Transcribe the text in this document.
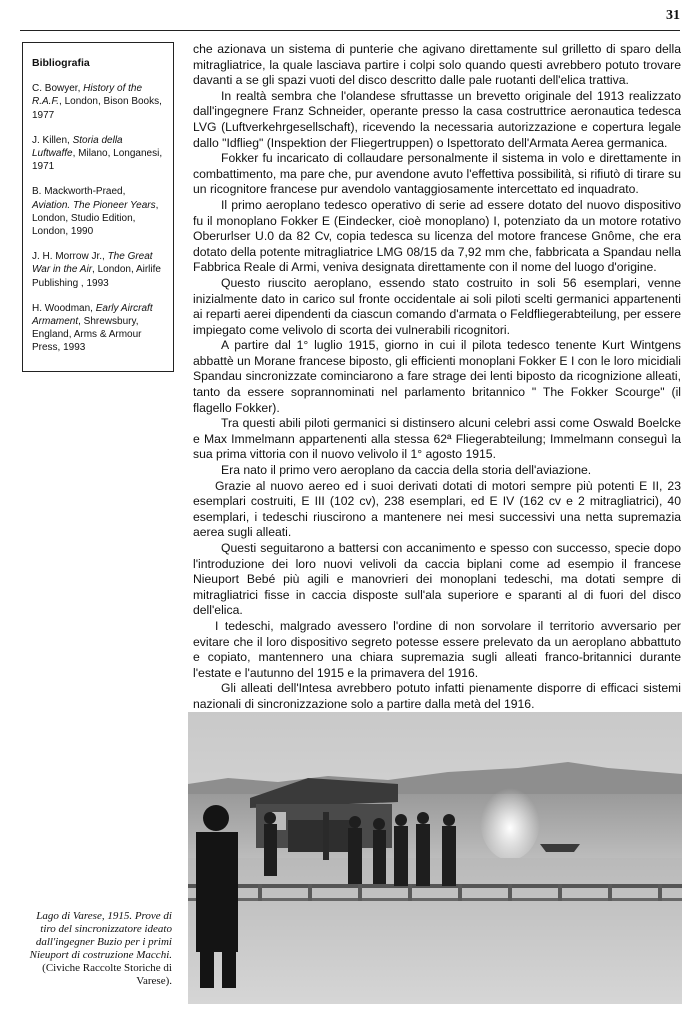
31
Bibliografia
C. Bowyer, History of the R.A.F., London, Bison Books, 1977
J. Killen, Storia della Luftwaffe, Milano, Longanesi, 1971
B. Mackworth-Praed, Aviation. The Pioneer Years, London, Studio Edition, London, 1990
J. H. Morrow Jr., The Great War in the Air, London, Airlife Publishing , 1993
H. Woodman, Early Aircraft Armament, Shrewsbury, England, Arms & Armour Press, 1993

che azionava un sistema di punterie che agivano direttamente sul grilletto di sparo della mitragliatrice, la quale lasciava partire i colpi solo quando questi avrebbero potuto trovare davanti a se gli spazi vuoti del disco descritto dalle pale ruotanti dell'elica trattiva.

In realtà sembra che l'olandese sfruttasse un brevetto originale del 1913 realizzato dall'ingegnere Franz Schneider, operante presso la casa costruttrice aeronautica tedesca LVG (Luftverkehrgesellschaft), ricevendo la necessaria autorizzazione e copertura legale dallo "Idflieg" (Inspektion der Fliegertruppen) o Ispettorato dell'Armata Aerea germanica.

Fokker fu incaricato di collaudare personalmente il sistema in volo e direttamente in combattimento, ma pare che, pur avendone avuto l'effettiva possibilità, si rifiutò di tirare su un ricognitore francese pur avendolo vantaggiosamente intercettato ed inquadrato.

Il primo aeroplano tedesco operativo di serie ad essere dotato del nuovo dispositivo fu il monoplano Fokker E (Eindecker, cioè monoplano) I, potenziato da un motore rotativo Oberurlser U.0 da 82 Cv, copia tedesca su licenza del motore francese Gnôme, che era dotato della potente mitragliatrice LMG 08/15 da 7,92 mm che, fabbricata a Spandau nella Fabbrica Reale di Armi, veniva designata direttamente con il nome del luogo d'origine.

Questo riuscito aeroplano, essendo stato costruito in soli 56 esemplari, venne inizialmente dato in carico sul fronte occidentale ai soli piloti scelti germanici appartenenti ai reparti aerei dipendenti da ciascun comando d'armata o Feldfliegerabteilung, per essere impiegato come velivolo di scorta dei vulnerabili ricognitori.

A partire dal 1° luglio 1915, giorno in cui il pilota tedesco tenente Kurt Wintgens abbattè un Morane francese biposto, gli efficienti monoplani Fokker E I con le loro micidiali Spandau sincronizzate cominciarono a fare strage dei lenti biposto da ricognizione alleati, tanto da essere soprannominati nel parlamento britannico " The Fokker Scourge" (il flagello Fokker).

Tra questi abili piloti germanici si distinsero alcuni celebri assi come Oswald Boelcke e Max Immelmann appartenenti alla stessa 62ª Fliegerabteilung; Immelmann conseguì la sua prima vittoria con il nuovo velivolo il 1° agosto 1915.

Era nato il primo vero aeroplano da caccia della storia dell'aviazione.

Grazie al nuovo aereo ed i suoi derivati dotati di motori sempre più potenti E II, 23 esemplari costruiti, E III (102 cv), 238 esemplari, ed E IV (162 cv e 2 mitragliatrici), 40 esemplari, i tedeschi riuscirono a mantenere nei mesi successivi una netta supremazia aerea sugli alleati.

Questi seguitarono a battersi con accanimento e spesso con successo, specie dopo l'introduzione dei loro nuovi velivoli da caccia biplani come ad esempio il francese Nieuport Bebé più agili e manovrieri dei monoplani tedeschi, ma dotati sempre di mitragliatrici fisse in caccia disposte sull'ala superiore e sparanti al di fuori del disco dell'elica.

I tedeschi, malgrado avessero l'ordine di non sorvolare il territorio avversario per evitare che il loro dispositivo segreto potesse essere prelevato da un aeroplano abbattuto e copiato, mantennero una chiara supremazia sugli alleati franco-britannici durante l'estate e l'autunno del 1915 e la primavera del 1916.

Gli alleati dell'Intesa avrebbero potuto infatti pienamente disporre di efficaci sistemi nazionali di sincronizzazione solo a partire dalla metà del 1916.

Lago di Varese, 1915. Prove di tiro del sincronizzatore ideato dall'ingegner Buzio per i primi Nieuport di costruzione Macchi. (Civiche Raccolte Storiche di Varese).
